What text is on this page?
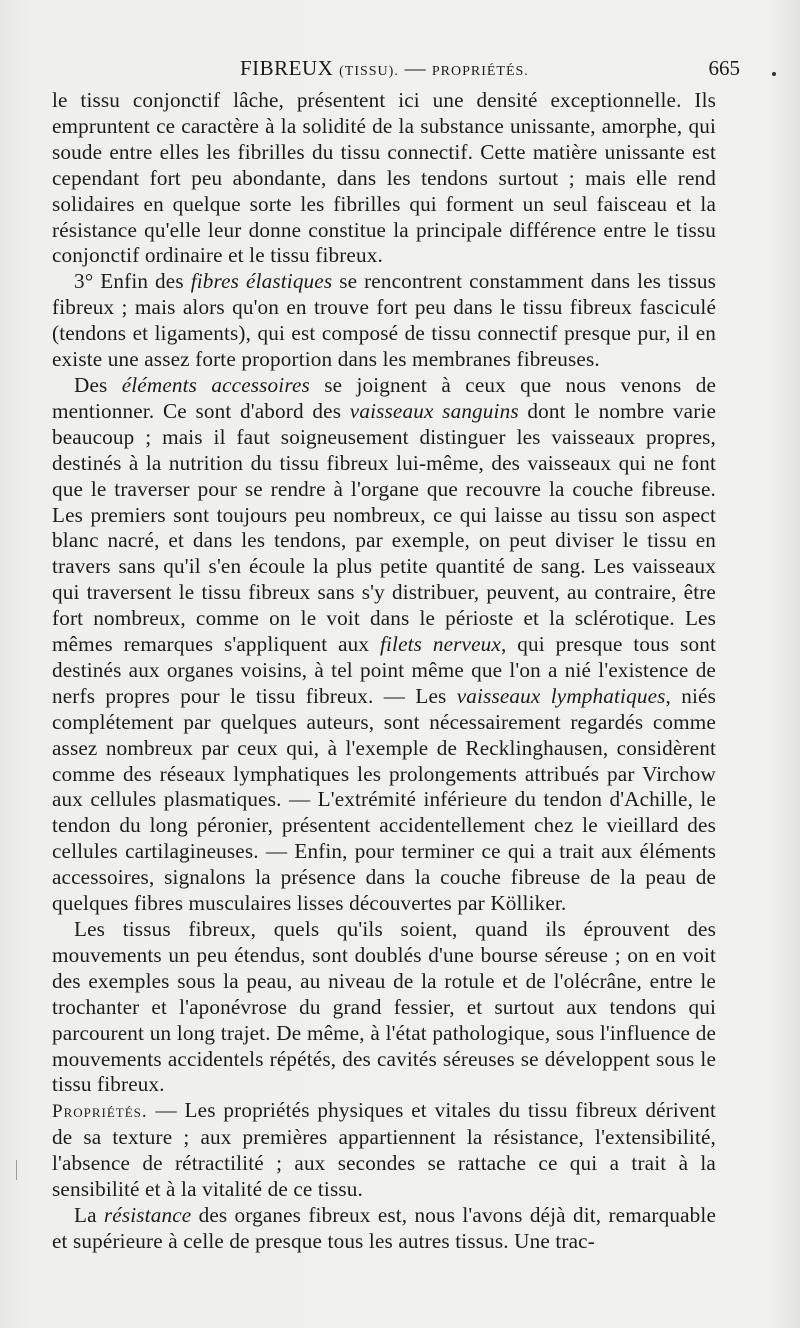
FIBREUX (TISSU). — PROPRIÉTÉS.	665

le tissu conjonctif lâche, présentent ici une densité exceptionnelle. Ils empruntent ce caractère à la solidité de la substance unissante, amorphe, qui soude entre elles les fibrilles du tissu connectif. Cette matière unissante est cependant fort peu abondante, dans les tendons surtout ; mais elle rend solidaires en quelque sorte les fibrilles qui forment un seul faisceau et la résistance qu'elle leur donne constitue la principale différence entre le tissu conjonctif ordinaire et le tissu fibreux.

3° Enfin des fibres élastiques se rencontrent constamment dans les tissus fibreux ; mais alors qu'on en trouve fort peu dans le tissu fibreux fasciculé (tendons et ligaments), qui est composé de tissu connectif presque pur, il en existe une assez forte proportion dans les membranes fibreuses.

Des éléments accessoires se joignent à ceux que nous venons de mentionner. Ce sont d'abord des vaisseaux sanguins dont le nombre varie beaucoup ; mais il faut soigneusement distinguer les vaisseaux propres, destinés à la nutrition du tissu fibreux lui-même, des vaisseaux qui ne font que le traverser pour se rendre à l'organe que recouvre la couche fibreuse. Les premiers sont toujours peu nombreux, ce qui laisse au tissu son aspect blanc nacré, et dans les tendons, par exemple, on peut diviser le tissu en travers sans qu'il s'en écoule la plus petite quantité de sang. Les vaisseaux qui traversent le tissu fibreux sans s'y distribuer, peuvent, au contraire, être fort nombreux, comme on le voit dans le périoste et la sclérotique. Les mêmes remarques s'appliquent aux filets nerveux, qui presque tous sont destinés aux organes voisins, à tel point même que l'on a nié l'existence de nerfs propres pour le tissu fibreux. — Les vaisseaux lymphatiques, niés complétement par quelques auteurs, sont nécessairement regardés comme assez nombreux par ceux qui, à l'exemple de Recklinghausen, considèrent comme des réseaux lymphatiques les prolongements attribués par Virchow aux cellules plasmatiques. — L'extrémité inférieure du tendon d'Achille, le tendon du long péronier, présentent accidentellement chez le vieillard des cellules cartilagineuses. — Enfin, pour terminer ce qui a trait aux éléments accessoires, signalons la présence dans la couche fibreuse de la peau de quelques fibres musculaires lisses découvertes par Kölliker.

Les tissus fibreux, quels qu'ils soient, quand ils éprouvent des mouvements un peu étendus, sont doublés d'une bourse séreuse ; on en voit des exemples sous la peau, au niveau de la rotule et de l'olécrâne, entre le trochanter et l'aponévrose du grand fessier, et surtout aux tendons qui parcourent un long trajet. De même, à l'état pathologique, sous l'influence de mouvements accidentels répétés, des cavités séreuses se développent sous le tissu fibreux.

Propriétés. — Les propriétés physiques et vitales du tissu fibreux dérivent de sa texture ; aux premières appartiennent la résistance, l'extensibilité, l'absence de rétractilité ; aux secondes se rattache ce qui a trait à la sensibilité et à la vitalité de ce tissu.

La résistance des organes fibreux est, nous l'avons déjà dit, remarquable et supérieure à celle de presque tous les autres tissus. Une trac-
